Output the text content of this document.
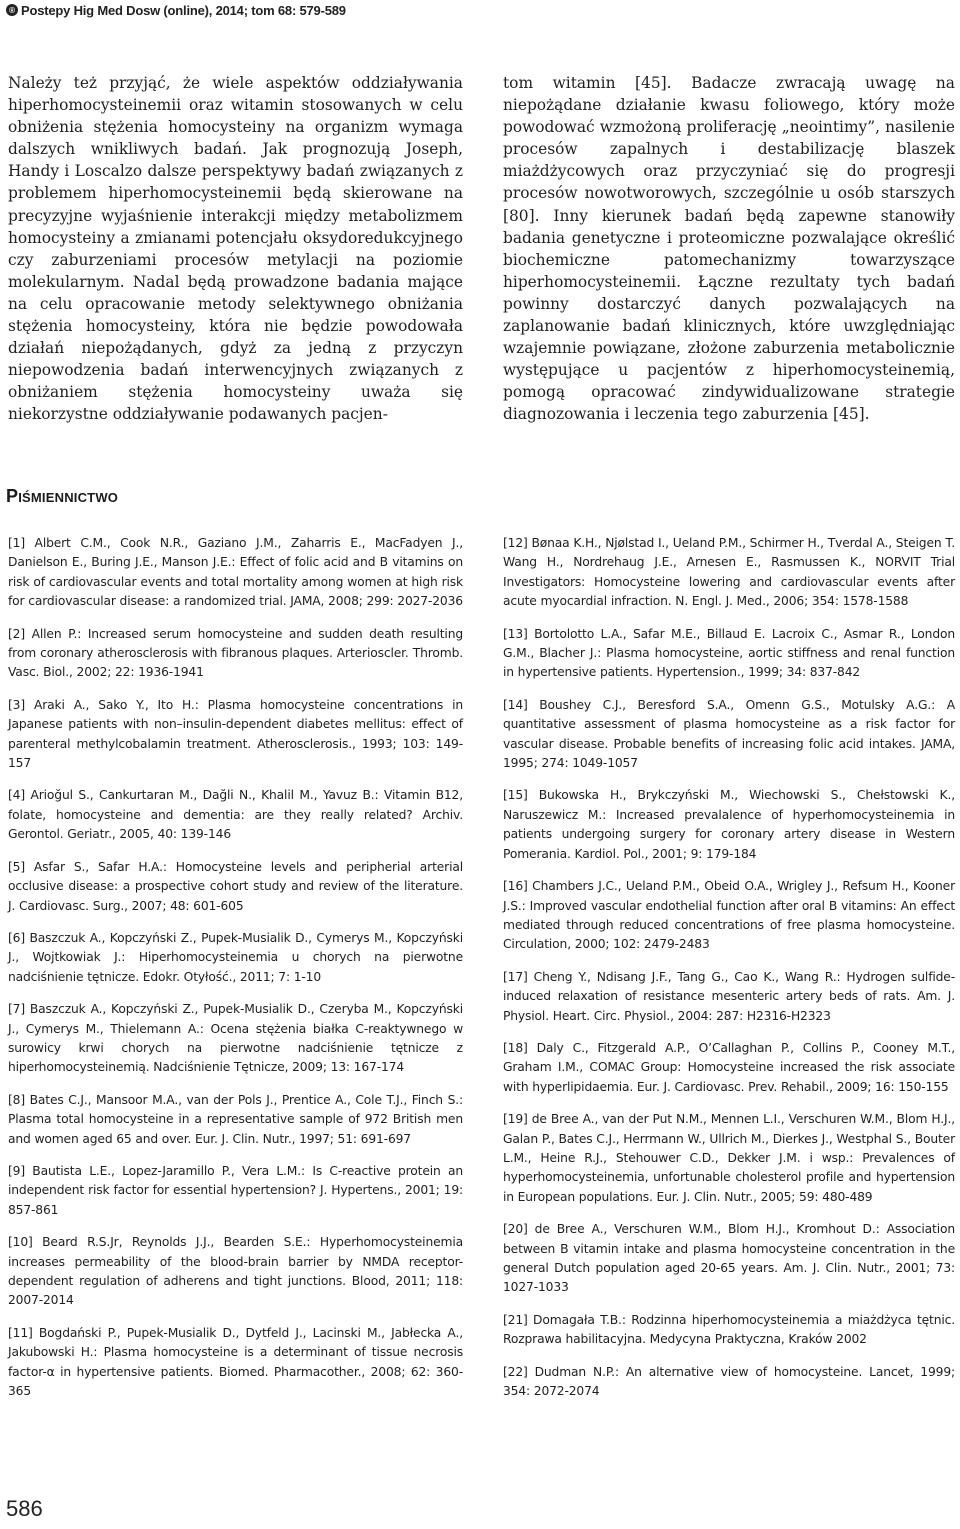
® Postepy Hig Med Dosw (online), 2014; tom 68: 579-589

Należy też przyjąć, że wiele aspektów oddziaływania hiperhomocysteinemii oraz witamin stosowanych w celu obniżenia stężenia homocysteiny na organizm wymaga dalszych wnikliwych badań. Jak prognozują Joseph, Handy i Loscalzo dalsze perspektywy badań związanych z problemem hiperhomocysteinemii będą skierowane na precyzyjne wyjaśnienie interakcji między metabolizmem homocysteiny a zmianami potencjału oksydoredukcyjnego czy zaburzeniami procesów metylacji na poziomie molekularnym. Nadal będą prowadzone badania mające na celu opracowanie metody selektywnego obniżania stężenia homocysteiny, która nie będzie powodowała działań niepożądanych, gdyż za jedną z przyczyn niepowodzenia badań interwencyjnych związanych z obniżaniem stężenia homocysteiny uważa się niekorzystne oddziaływanie podawanych pacjen-

tom witamin [45]. Badacze zwracają uwagę na niepożądane działanie kwasu foliowego, który może powodować wzmożoną proliferację „neointimy”, nasilenie procesów zapalnych i destabilizację blaszek miażdżycowych oraz przyczyniać się do progresji procesów nowotworowych, szczególnie u osób starszych [80]. Inny kierunek badań będą zapewne stanowiły badania genetyczne i proteomiczne pozwalające określić biochemiczne patomechanizmy towarzyszące hiperhomocysteinemii. Łączne rezultaty tych badań powinny dostarczyć danych pozwalających na zaplanowanie badań klinicznych, które uwzględniając wzajemnie powiązane, złożone zaburzenia metabolicznie występujące u pacjentów z hiperhomocysteinemią, pomogą opracować zindywidualizowane strategie diagnozowania i leczenia tego zaburzenia [45].

Piśmiennictwo
[1] Albert C.M., Cook N.R., Gaziano J.M., Zaharris E., MacFadyen J., Danielson E., Buring J.E., Manson J.E.: Effect of folic acid and B vitamins on risk of cardiovascular events and total mortality among women at high risk for cardiovascular disease: a randomized trial. JAMA, 2008; 299: 2027-2036
[2] Allen P.: Increased serum homocysteine and sudden death resulting from coronary atherosclerosis with fibranous plaques. Arterioscler. Thromb. Vasc. Biol., 2002; 22: 1936-1941
[3] Araki A., Sako Y., Ito H.: Plasma homocysteine concentrations in Japanese patients with non–insulin-dependent diabetes mellitus: effect of parenteral methylcobalamin treatment. Atherosclerosis., 1993; 103: 149-157
[4] Arioğul S., Cankurtaran M., Dağli N., Khalil M., Yavuz B.: Vitamin B12, folate, homocysteine and dementia: are they really related? Archiv. Gerontol. Geriatr., 2005, 40: 139-146
[5] Asfar S., Safar H.A.: Homocysteine levels and peripherial arterial occlusive disease: a prospective cohort study and review of the literature. J. Cardiovasc. Surg., 2007; 48: 601-605
[6] Baszczuk A., Kopczyński Z., Pupek-Musialik D., Cymerys M., Kopczyński J., Wojtkowiak J.: Hiperhomocysteinemia u chorych na pierwotne nadciśnienie tętnicze. Edokr. Otyłość., 2011; 7: 1-10
[7] Baszczuk A., Kopczyński Z., Pupek-Musialik D., Czeryba M., Kopczyński J., Cymerys M., Thielemann A.: Ocena stężenia białka C-reaktywnego w surowicy krwi chorych na pierwotne nadciśnienie tętnicze z hiperhomocysteinemią. Nadciśnienie Tętnicze, 2009; 13: 167-174
[8] Bates C.J., Mansoor M.A., van der Pols J., Prentice A., Cole T.J., Finch S.: Plasma total homocysteine in a representative sample of 972 British men and women aged 65 and over. Eur. J. Clin. Nutr., 1997; 51: 691-697
[9] Bautista L.E., Lopez-Jaramillo P., Vera L.M.: Is C-reactive protein an independent risk factor for essential hypertension? J. Hypertens., 2001; 19: 857-861
[10] Beard R.S.Jr, Reynolds J.J., Bearden S.E.: Hyperhomocysteinemia increases permeability of the blood-brain barrier by NMDA receptor-dependent regulation of adherens and tight junctions. Blood, 2011; 118: 2007-2014
[11] Bogdański P., Pupek-Musialik D., Dytfeld J., Lacinski M., Jabłecka A., Jakubowski H.: Plasma homocysteine is a determinant of tissue necrosis factor-α in hypertensive patients. Biomed. Pharmacother., 2008; 62: 360-365
[12] Bønaa K.H., Njølstad I., Ueland P.M., Schirmer H., Tverdal A., Steigen T. Wang H., Nordrehaug J.E., Arnesen E., Rasmussen K., NORVIT Trial Investigators: Homocysteine lowering and cardiovascular events after acute myocardial infraction. N. Engl. J. Med., 2006; 354: 1578-1588
[13] Bortolotto L.A., Safar M.E., Billaud E. Lacroix C., Asmar R., London G.M., Blacher J.: Plasma homocysteine, aortic stiffness and renal function in hypertensive patients. Hypertension., 1999; 34: 837-842
[14] Boushey C.J., Beresford S.A., Omenn G.S., Motulsky A.G.: A quantitative assessment of plasma homocysteine as a risk factor for vascular disease. Probable benefits of increasing folic acid intakes. JAMA, 1995; 274: 1049-1057
[15] Bukowska H., Brykczyński M., Wiechowski S., Chełstowski K., Naruszewicz M.: Increased prevalalence of hyperhomocysteinemia in patients undergoing surgery for coronary artery disease in Western Pomerania. Kardiol. Pol., 2001; 9: 179-184
[16] Chambers J.C., Ueland P.M., Obeid O.A., Wrigley J., Refsum H., Kooner J.S.: Improved vascular endothelial function after oral B vitamins: An effect mediated through reduced concentrations of free plasma homocysteine. Circulation, 2000; 102: 2479-2483
[17] Cheng Y., Ndisang J.F., Tang G., Cao K., Wang R.: Hydrogen sulfide-induced relaxation of resistance mesenteric artery beds of rats. Am. J. Physiol. Heart. Circ. Physiol., 2004: 287: H2316-H2323
[18] Daly C., Fitzgerald A.P., O’Callaghan P., Collins P., Cooney M.T., Graham I.M., COMAC Group: Homocysteine increased the risk associate with hyperlipidaemia. Eur. J. Cardiovasc. Prev. Rehabil., 2009; 16: 150-155
[19] de Bree A., van der Put N.M., Mennen L.I., Verschuren W.M., Blom H.J., Galan P., Bates C.J., Herrmann W., Ullrich M., Dierkes J., Westphal S., Bouter L.M., Heine R.J., Stehouwer C.D., Dekker J.M. i wsp.: Prevalences of hyperhomocysteinemia, unfortunable cholesterol profile and hypertension in European populations. Eur. J. Clin. Nutr., 2005; 59: 480-489
[20] de Bree A., Verschuren W.M., Blom H.J., Kromhout D.: Association between B vitamin intake and plasma homocysteine concentration in the general Dutch population aged 20-65 years. Am. J. Clin. Nutr., 2001; 73: 1027-1033
[21] Domagała T.B.: Rodzinna hiperhomocysteinemia a miażdżyca tętnic. Rozprawa habilitacyjna. Medycyna Praktyczna, Kraków 2002
[22] Dudman N.P.: An alternative view of homocysteine. Lancet, 1999; 354: 2072-2074
586
